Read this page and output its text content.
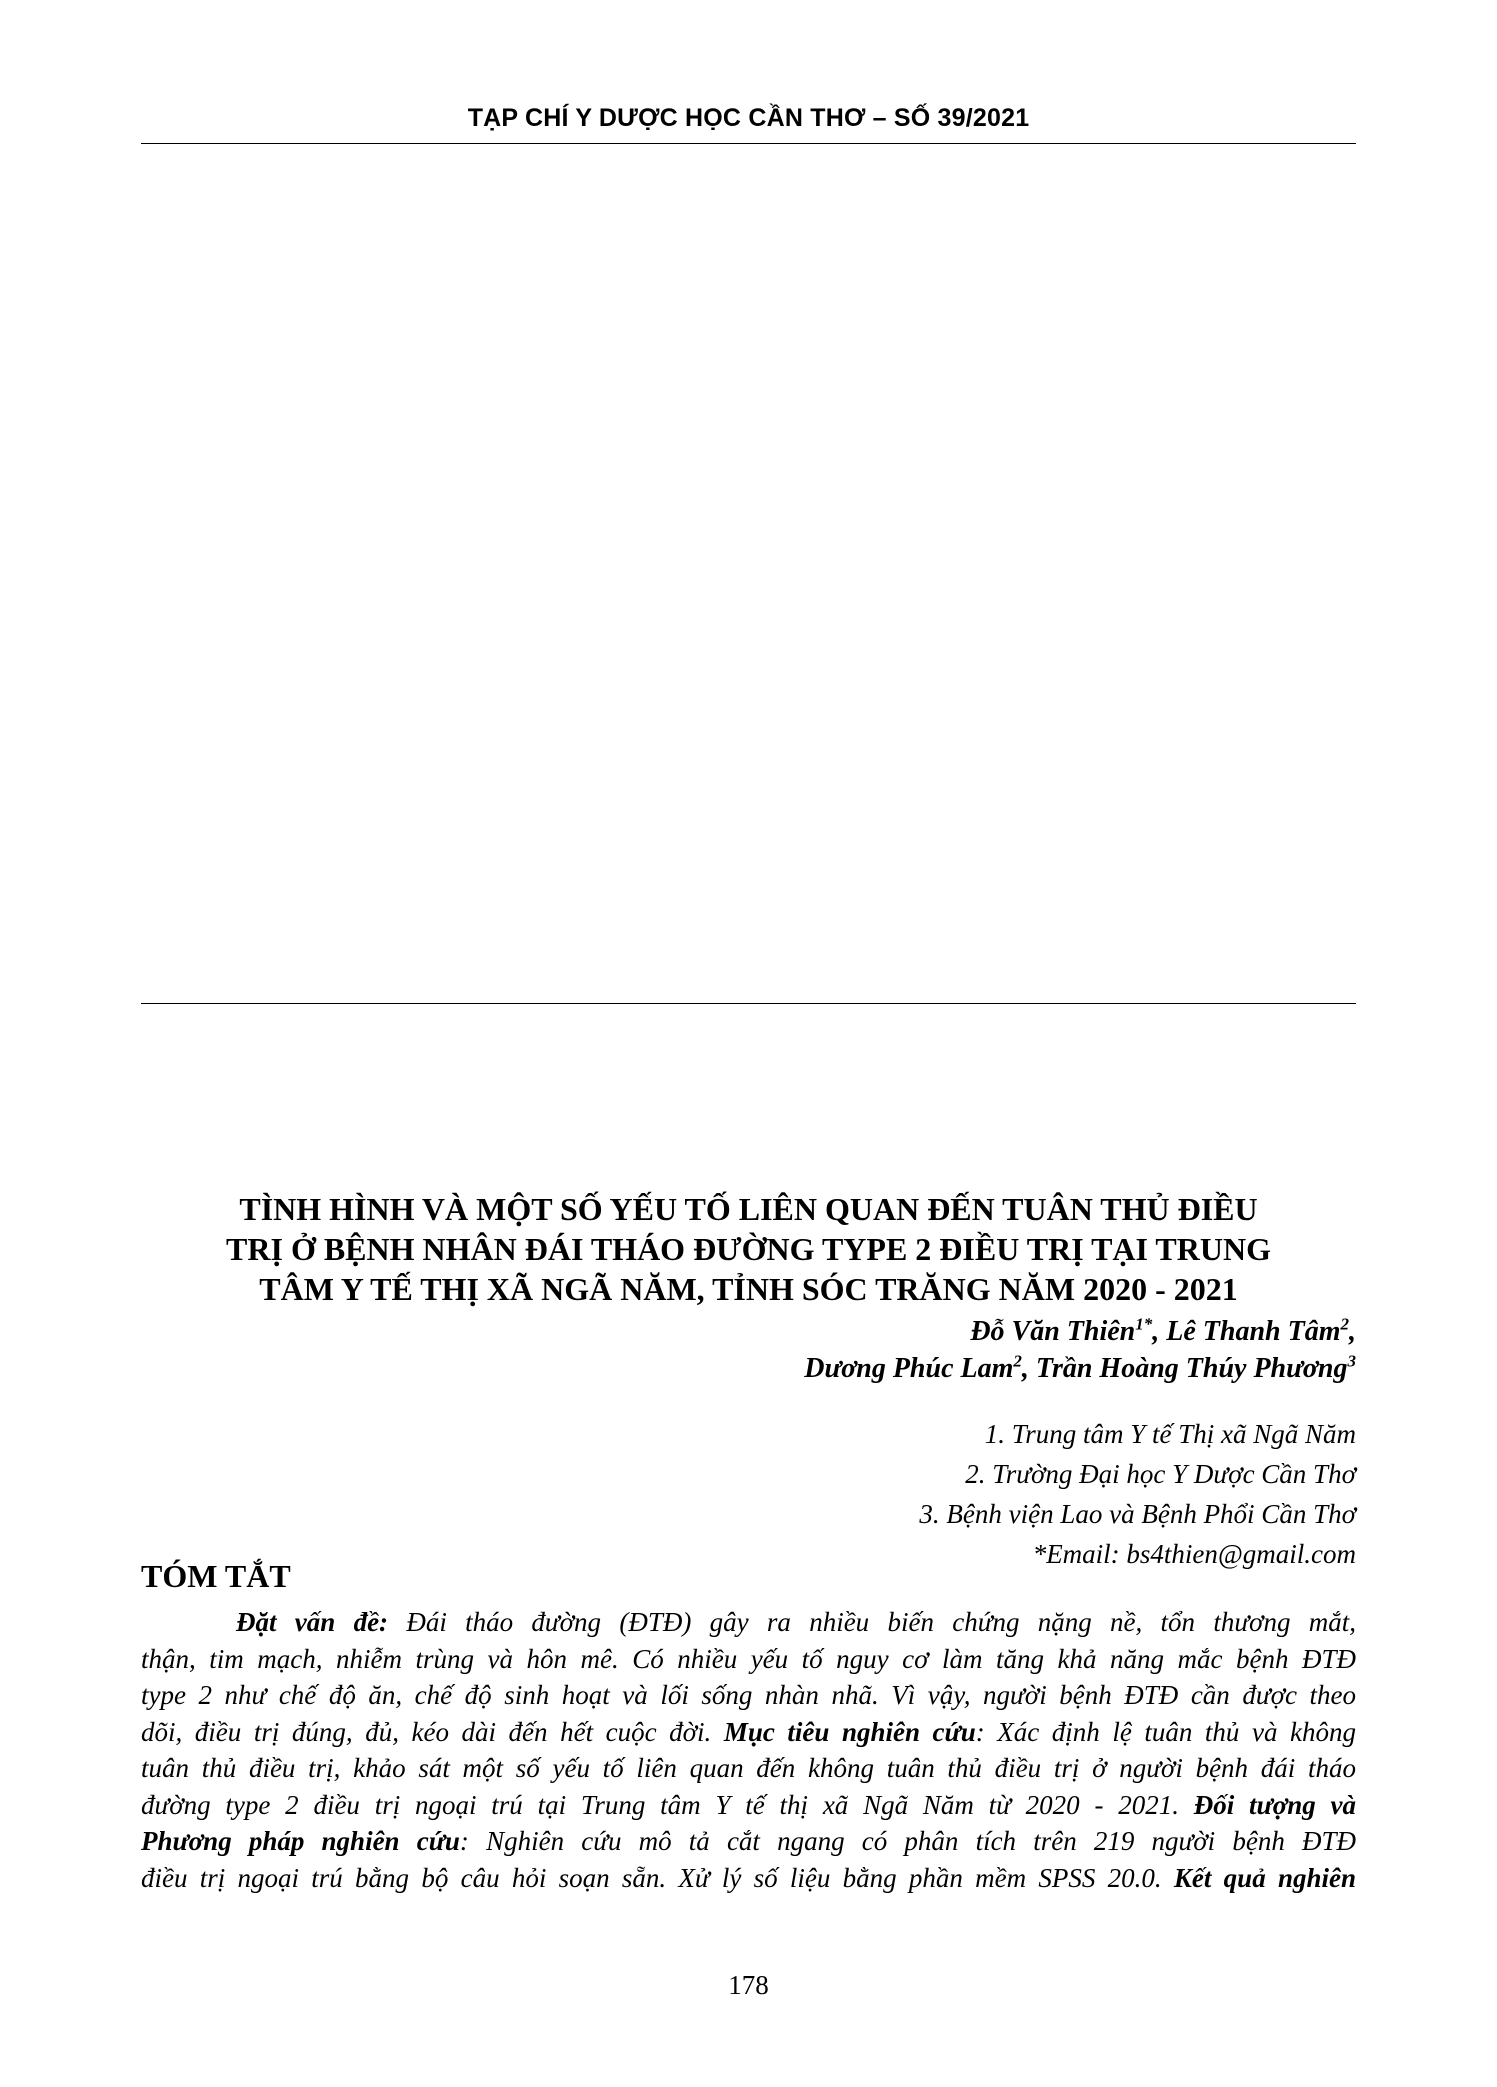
TẠP CHÍ Y DƯỢC HỌC CẦN THƠ – SỐ 39/2021
TÌNH HÌNH VÀ MỘT SỐ YẾU TỐ LIÊN QUAN ĐẾN TUÂN THỦ ĐIỀU
TRỊ Ở BỆNH NHÂN ĐÁI THÁO ĐƯỜNG TYPE 2 ĐIỀU TRỊ TẠI TRUNG
TÂM Y TẾ THỊ XÃ NGÃ NĂM, TỈNH SÓC TRĂNG NĂM 2020 - 2021
Đỗ Văn Thiên$^{1*}$, Lê Thanh Tâm$^2$,
Dương Phúc Lam$^2$, Trần Hoàng Thúy Phương$^3$
1. Trung tâm Y tế Thị xã Ngã Năm
2. Trường Đại học Y Dược Cần Thơ
3. Bệnh viện Lao và Bệnh Phổi Cần Thơ
*Email: bs4thien@gmail.com
TÓM TẮT
Đặt vấn đề: Đái tháo đường (ĐTĐ) gây ra nhiều biến chứng nặng nề, tổn thương mắt,
thận, tim mạch, nhiễm trùng và hôn mê. Có nhiều yếu tố nguy cơ làm tăng khả năng mắc bệnh ĐTĐ
type 2 như chế độ ăn, chế độ sinh hoạt và lối sống nhàn nhã. Vì vậy, người bệnh ĐTĐ cần được theo
dõi, điều trị đúng, đủ, kéo dài đến hết cuộc đời. Mục tiêu nghiên cứu: Xác định lệ tuân thủ và không
tuân thủ điều trị, khảo sát một số yếu tố liên quan đến không tuân thủ điều trị ở người bệnh đái tháo
đường type 2 điều trị ngoại trú tại Trung tâm Y tế thị xã Ngã Năm từ 2020 - 2021. Đối tượng và
Phương pháp nghiên cứu: Nghiên cứu mô tả cắt ngang có phân tích trên 219 người bệnh ĐTĐ
điều trị ngoại trú bằng bộ câu hỏi soạn sẵn. Xử lý số liệu bằng phần mềm SPSS 20.0. Kết quả nghiên
178
